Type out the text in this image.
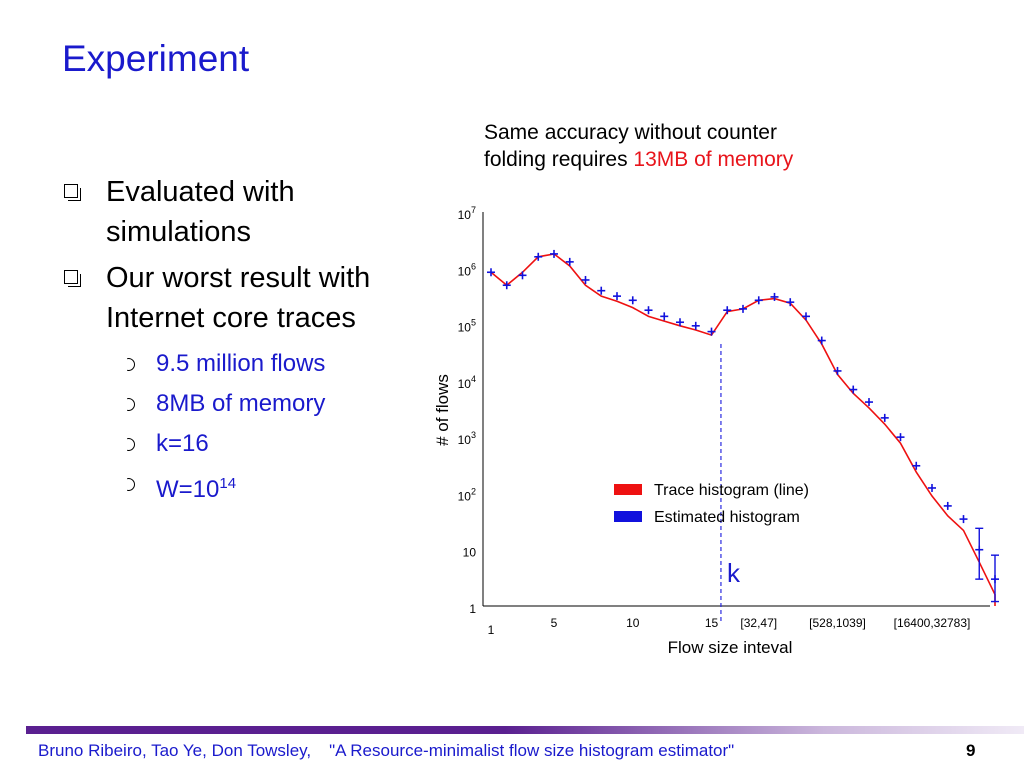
Experiment
Evaluated with simulations
Our worst result with Internet core traces
9.5 million flows
8MB of memory
k=16
$W=10^{14}$
Same accuracy without counter
folding requires 13MB of memory
1
10
$10^2$
$10^3$
$10^4$
$10^5$
$10^6$
$10^7$
1	5	10	15 [32,47]	[528,1039] [16400,32783]
Flow size inteval
# of flows
k
Trace histogram (line)
Estimated histogram
Bruno Ribeiro, Tao Ye, Don Towsley, "A Resource-minimalist flow size histogram estimator"	9
